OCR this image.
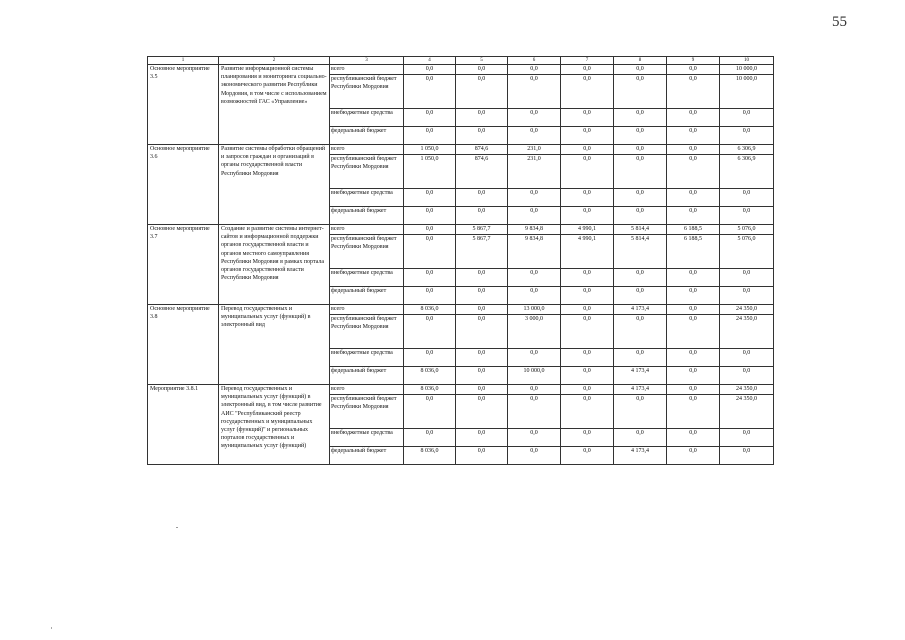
55
1	2	3	4	5	6	7	8	9	10
Основное мероприятие 3.5	Развитие информационной системы планирования и мониторинга социально-экономического развития Республики Мордовия, в том числе с использованием возможностей ГАС «Управление»	всего	0,0	0,0	0,0	0,0	0,0	0,0	10 000,0
		республиканский бюджет Республики Мордовия	0,0	0,0	0,0	0,0	0,0	0,0	10 000,0
		внебюджетные средства	0,0	0,0	0,0	0,0	0,0	0,0	0,0
		федеральный бюджет	0,0	0,0	0,0	0,0	0,0	0,0	0,0
Основное мероприятие 3.6	Развитие системы обработки обращений и запросов граждан и организаций в органы государственной власти Республики Мордовия	всего	1 050,0	874,6	231,0	0,0	0,0	0,0	6 306,9
		республиканский бюджет Республики Мордовия	1 050,0	874,6	231,0	0,0	0,0	0,0	6 306,9
		внебюджетные средства	0,0	0,0	0,0	0,0	0,0	0,0	0,0
		федеральный бюджет	0,0	0,0	0,0	0,0	0,0	0,0	0,0
Основное мероприятие 3.7	Создание и развитие системы интернет-сайтов и информационной поддержки органов государственной власти и органов местного самоуправления Республики Мордовия в рамках портала органов государственной власти Республики Мордовия	всего	0,0	5 867,7	9 834,8	4 990,1	5 814,4	6 188,5	5 076,0
		республиканский бюджет Республики Мордовия	0,0	5 867,7	9 834,8	4 990,1	5 814,4	6 188,5	5 076,0
		внебюджетные средства	0,0	0,0	0,0	0,0	0,0	0,0	0,0
		федеральный бюджет	0,0	0,0	0,0	0,0	0,0	0,0	0,0
Основное мероприятие 3.8	Перевод государственных и муниципальных услуг (функций) в электронный вид	всего	8 036,0	0,0	13 000,0	0,0	4 173,4	0,0	24 350,0
		республиканский бюджет Республики Мордовия	0,0	0,0	3 000,0	0,0	0,0	0,0	24 350,0
		внебюджетные средства	0,0	0,0	0,0	0,0	0,0	0,0	0,0
		федеральный бюджет	8 036,0	0,0	10 000,0	0,0	4 173,4	0,0	0,0
Мероприятие 3.8.1	Перевод государственных и муниципальных услуг (функций) в электронный вид, в том числе развитие АИС "Республиканский реестр государственных и муниципальных услуг (функций)" и региональных порталов государственных и муниципальных услуг (функций)	всего	8 036,0	0,0	0,0	0,0	4 173,4	0,0	24 350,0
		республиканский бюджет Республики Мордовия	0,0	0,0	0,0	0,0	0,0	0,0	24 350,0
		внебюджетные средства	0,0	0,0	0,0	0,0	0,0	0,0	0,0
		федеральный бюджет	8 036,0	0,0	0,0	0,0	4 173,4	0,0	0,0
